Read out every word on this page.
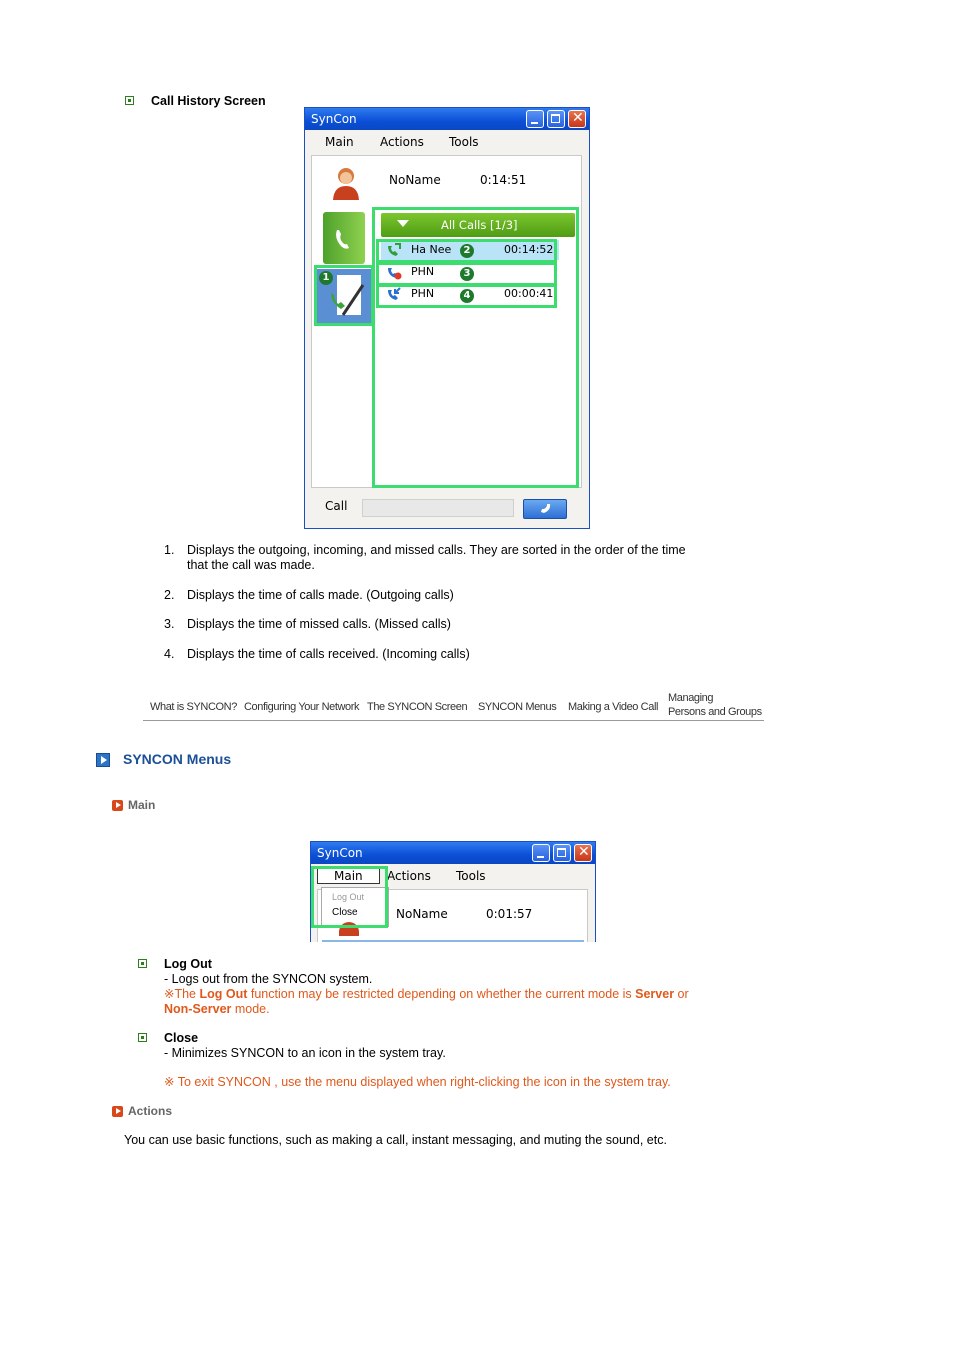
Call History Screen
SynCon	✕
Main Actions Tools
NoName	0:14:51
All Calls [1/3]
Ha Nee	00:14:52
PHN
PHN	00:00:41
Call
1
2
3
4
1. Displays the outgoing, incoming, and missed calls. They are sorted in the order of the time
that the call was made.
2. Displays the time of calls made. (Outgoing calls)
3. Displays the time of missed calls. (Missed calls)
4. Displays the time of calls received. (Incoming calls)
What is SYNCON? Configuring Your Network The SYNCON Screen SYNCON Menus Making a Video Call
Managing
Persons and Groups
SYNCON Menus
Main
SynCon	✕
Main	Actions Tools
NoName	0:01:57
Log Out
Close
Log Out
- Logs out from the SYNCON system.
※The Log Out function may be restricted depending on whether the current mode is Server or
Non-Server mode.
Close
- Minimizes SYNCON to an icon in the system tray.
※ To exit SYNCON , use the menu displayed when right-clicking the icon in the system tray.
Actions
You can use basic functions, such as making a call, instant messaging, and muting the sound, etc.
